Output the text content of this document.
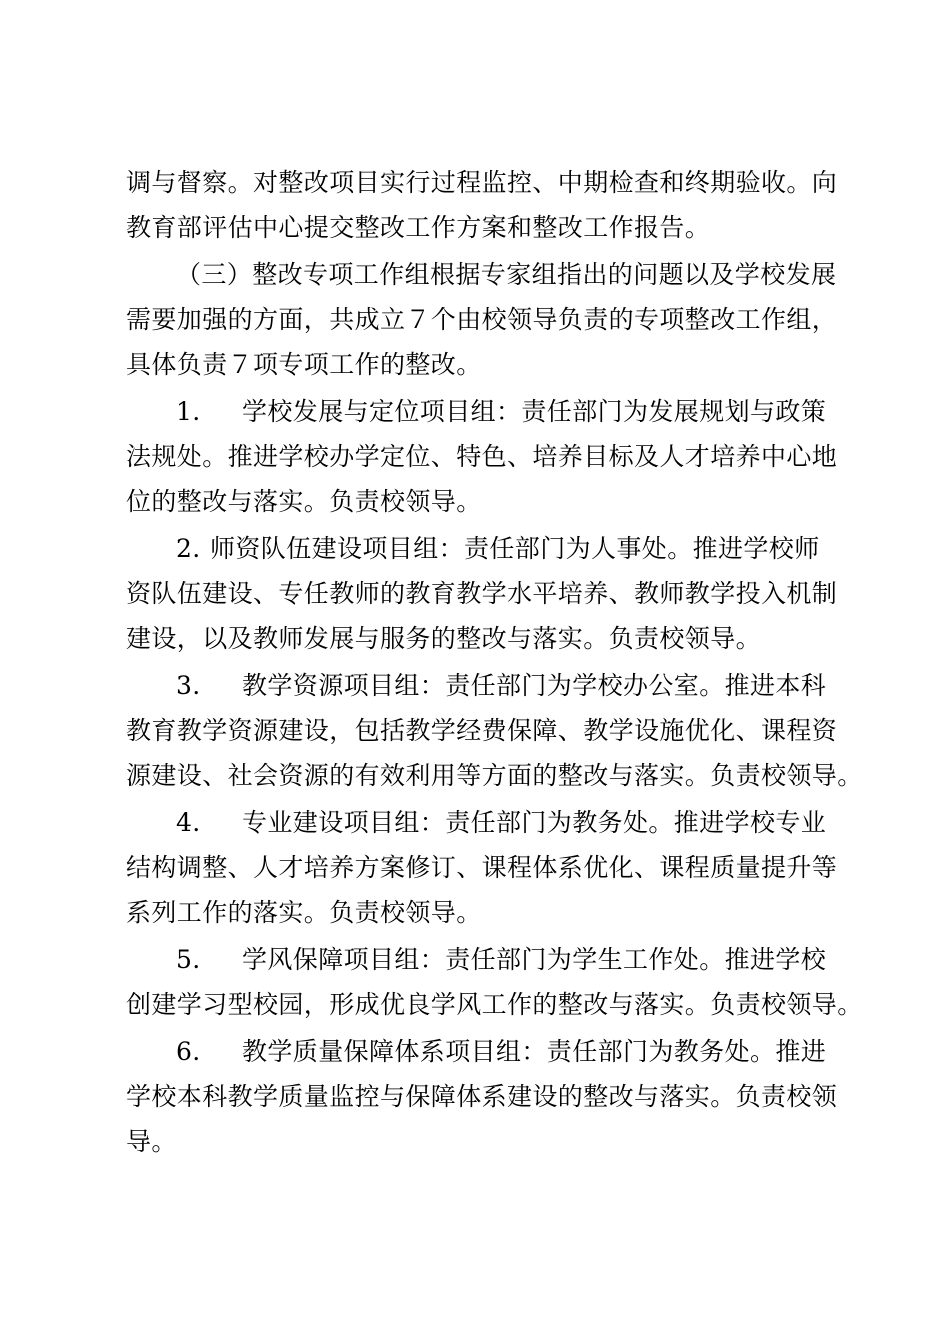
调与督察。对整改项目实行过程监控、中期检查和终期验收。向
教育部评估中心提交整改工作方案和整改工作报告。
（三）整改专项工作组根据专家组指出的问题以及学校发展
需要加强的方面，共成立７个由校领导负责的专项整改工作组，
具体负责７项专项工作的整改。
1. 学校发展与定位项目组：责任部门为发展规划与政策
法规处。推进学校办学定位、特色、培养目标及人才培养中心地
位的整改与落实。负责校领导。
2. 师资队伍建设项目组：责任部门为人事处。推进学校师
资队伍建设、专任教师的教育教学水平培养、教师教学投入机制
建设，以及教师发展与服务的整改与落实。负责校领导。
3. 教学资源项目组：责任部门为学校办公室。推进本科
教育教学资源建设，包括教学经费保障、教学设施优化、课程资
源建设、社会资源的有效利用等方面的整改与落实。负责校领导。
4. 专业建设项目组：责任部门为教务处。推进学校专业
结构调整、人才培养方案修订、课程体系优化、课程质量提升等
系列工作的落实。负责校领导。
5. 学风保障项目组：责任部门为学生工作处。推进学校
创建学习型校园，形成优良学风工作的整改与落实。负责校领导。
6. 教学质量保障体系项目组：责任部门为教务处。推进
学校本科教学质量监控与保障体系建设的整改与落实。负责校领
导。
